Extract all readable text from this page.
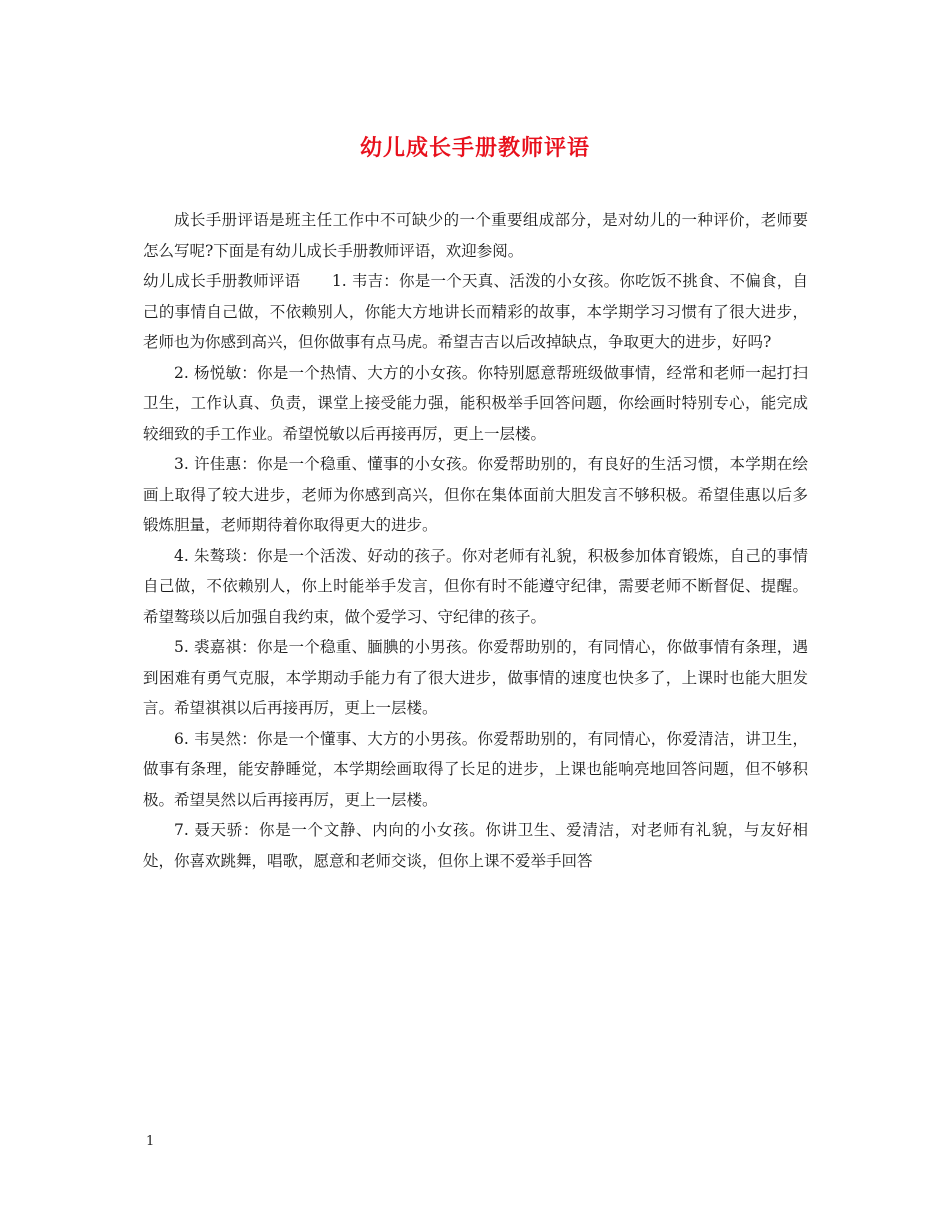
幼儿成长手册教师评语

成长手册评语是班主任工作中不可缺少的一个重要组成部分，是对幼儿的一种评价，老师要怎么写呢?下面是有幼儿成长手册教师评语，欢迎参阅。

幼儿成长手册教师评语　　1. 韦吉：你是一个天真、活泼的小女孩。你吃饭不挑食、不偏食，自己的事情自己做，不依赖别人，你能大方地讲长而精彩的故事，本学期学习习惯有了很大进步，老师也为你感到高兴，但你做事有点马虎。希望吉吉以后改掉缺点，争取更大的进步，好吗?

2. 杨悦敏：你是一个热情、大方的小女孩。你特别愿意帮班级做事情，经常和老师一起打扫卫生，工作认真、负责，课堂上接受能力强，能积极举手回答问题，你绘画时特别专心，能完成较细致的手工作业。希望悦敏以后再接再厉，更上一层楼。

3. 许佳惠：你是一个稳重、懂事的小女孩。你爱帮助别的，有良好的生活习惯，本学期在绘画上取得了较大进步，老师为你感到高兴，但你在集体面前大胆发言不够积极。希望佳惠以后多锻炼胆量，老师期待着你取得更大的进步。

4. 朱骜琰：你是一个活泼、好动的孩子。你对老师有礼貌，积极参加体育锻炼，自己的事情自己做，不依赖别人，你上时能举手发言，但你有时不能遵守纪律，需要老师不断督促、提醒。希望骜琰以后加强自我约束，做个爱学习、守纪律的孩子。

5. 裘嘉祺：你是一个稳重、腼腆的小男孩。你爱帮助别的，有同情心，你做事情有条理，遇到困难有勇气克服，本学期动手能力有了很大进步，做事情的速度也快多了，上课时也能大胆发言。希望祺祺以后再接再厉，更上一层楼。

6. 韦昊然：你是一个懂事、大方的小男孩。你爱帮助别的，有同情心，你爱清洁，讲卫生，做事有条理，能安静睡觉，本学期绘画取得了长足的进步，上课也能响亮地回答问题，但不够积极。希望昊然以后再接再厉，更上一层楼。

7. 聂天骄：你是一个文静、内向的小女孩。你讲卫生、爱清洁，对老师有礼貌，与友好相处，你喜欢跳舞，唱歌，愿意和老师交谈，但你上课不爱举手回答

1
